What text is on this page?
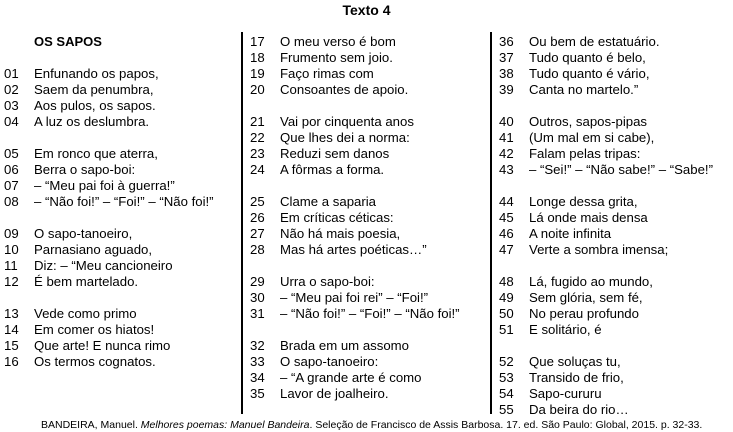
Texto 4
OS SAPOS
01	Enfunando os papos,
02	Saem da penumbra,
03	Aos pulos, os sapos.
04	A luz os deslumbra.
05	Em ronco que aterra,
06	Berra o sapo-boi:
07	– “Meu pai foi à guerra!”
08	– “Não foi!” – “Foi!” – “Não foi!”
09	O sapo-tanoeiro,
10	Parnasiano aguado,
11	Diz: – “Meu cancioneiro
12	É bem martelado.
13	Vede como primo
14	Em comer os hiatos!
15	Que arte! E nunca rimo
16	Os termos cognatos.
17	O meu verso é bom
18	Frumento sem joio.
19	Faço rimas com
20	Consoantes de apoio.
21	Vai por cinquenta anos
22	Que lhes dei a norma:
23	Reduzi sem danos
24	A fôrmas a forma.
25	Clame a saparia
26	Em críticas céticas:
27	Não há mais poesia,
28	Mas há artes poéticas…”
29	Urra o sapo-boi:
30	– “Meu pai foi rei” – “Foi!”
31	– “Não foi!” – “Foi!” – “Não foi!”
32	Brada em um assomo
33	O sapo-tanoeiro:
34	– “A grande arte é como
35	Lavor de joalheiro.
36	Ou bem de estatuário.
37	Tudo quanto é belo,
38	Tudo quanto é vário,
39	Canta no martelo.”
40	Outros, sapos-pipas
41	(Um mal em si cabe),
42	Falam pelas tripas:
43	– “Sei!” – “Não sabe!” – “Sabe!”
44	Longe dessa grita,
45	Lá onde mais densa
46	A noite infinita
47	Verte a sombra imensa;
48	Lá, fugido ao mundo,
49	Sem glória, sem fé,
50	No perau profundo
51	E solitário, é
52	Que soluças tu,
53	Transido de frio,
54	Sapo-cururu
55	Da beira do rio…
BANDEIRA, Manuel. Melhores poemas: Manuel Bandeira. Seleção de Francisco de Assis Barbosa. 17. ed. São Paulo: Global, 2015. p. 32-33.
